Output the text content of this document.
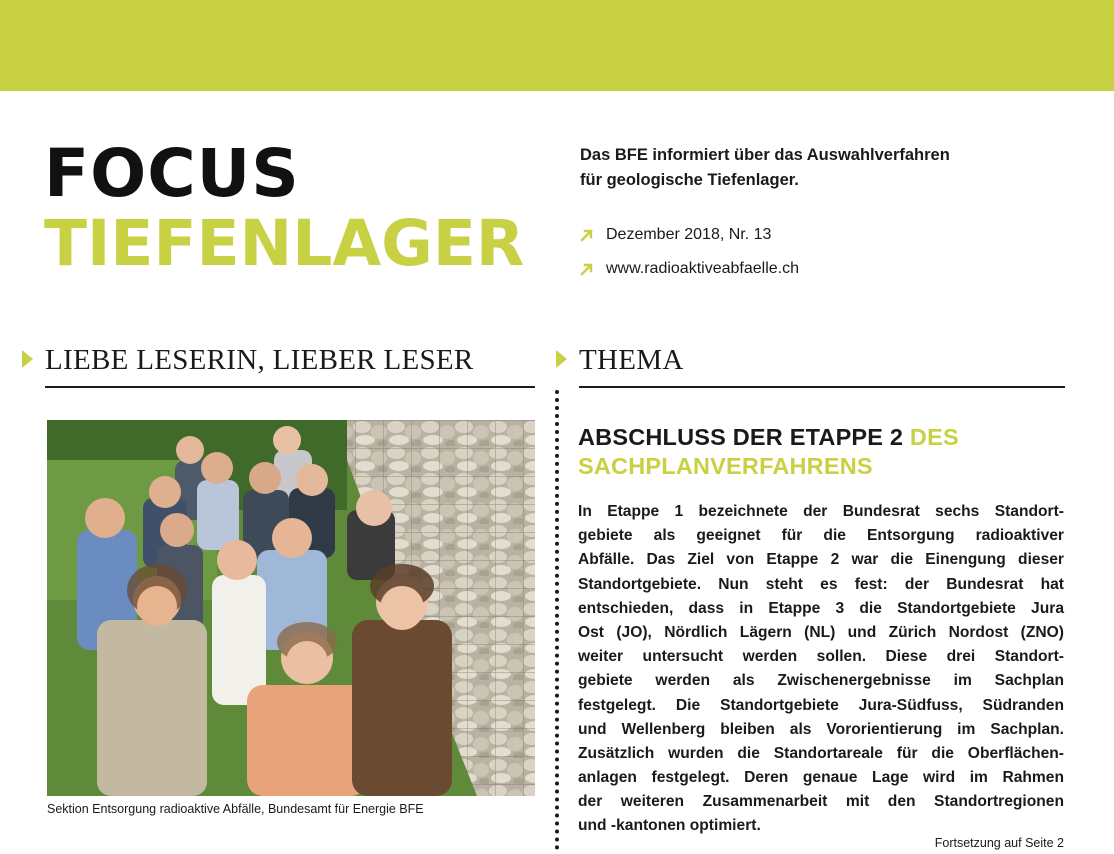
FOCUS
TIEFENLAGER
Das BFE informiert über das Auswahlverfahren
für geologische Tiefenlager.
Dezember 2018, Nr. 13
www.radioaktiveabfaelle.ch
LIEBE LESERIN, LIEBER LESER	THEMA
Sektion Entsorgung radioaktive Abfälle, Bundesamt für Energie BFE
ABSCHLUSS DER ETAPPE 2 DES
SACHPLANVERFAHRENS
In Etappe 1 bezeichnete der Bundesrat sechs Standort-
gebiete als geeignet für die Entsorgung radioaktiver
Abfälle. Das Ziel von Etappe 2 war die Einengung dieser
Standortgebiete. Nun steht es fest: der Bundesrat hat
entschieden, dass in Etappe 3 die Standortgebiete Jura
Ost (JO), Nördlich Lägern (NL) und Zürich Nordost (ZNO)
weiter untersucht werden sollen. Diese drei Standort-
gebiete werden als Zwischenergebnisse im Sachplan
festgelegt. Die Standortgebiete Jura-Südfuss, Südranden
und Wellenberg bleiben als Vororientierung im Sachplan.
Zusätzlich wurden die Standortareale für die Oberflächen-
anlagen festgelegt. Deren genaue Lage wird im Rahmen
der weiteren Zusammenarbeit mit den Standortregionen
und -kantonen optimiert.
Fortsetzung auf Seite 2
